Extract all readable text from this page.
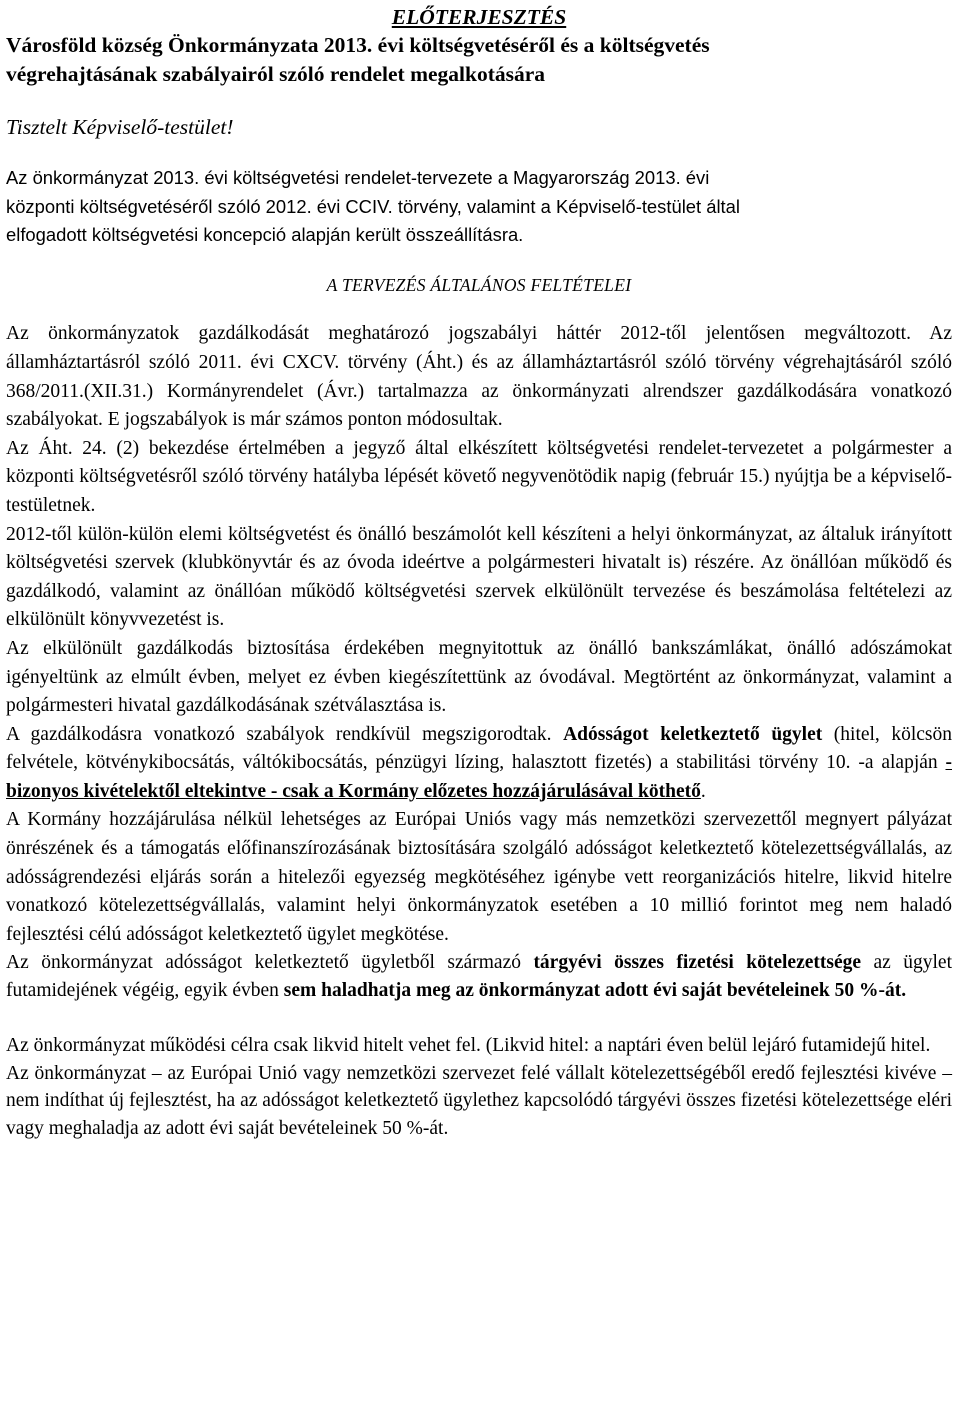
ELŐTERJESZTÉS

Városföld község Önkormányzata 2013. évi költségvetéséről és a költségvetés

végrehajtásának szabályairól szóló rendelet megalkotására

Tisztelt Képviselő-testület!

Az önkormányzat 2013. évi költségvetési rendelet-tervezete a Magyarország 2013. évi
központi költségvetéséről szóló 2012. évi CCIV. törvény, valamint a Képviselő-testület által
elfogadott költségvetési koncepció alapján került összeállításra.

A TERVEZÉS ÁLTALÁNOS FELTÉTELEI

Az önkormányzatok gazdálkodását meghatározó jogszabályi háttér 2012-től jelentősen megváltozott. Az államháztartásról szóló 2011. évi CXCV. törvény (Áht.) és az államháztartásról szóló törvény végrehajtásáról szóló 368/2011.(XII.31.) Kormányrendelet (Ávr.) tartalmazza az önkormányzati alrendszer gazdálkodására vonatkozó szabályokat. E jogszabályok is már számos ponton módosultak.

Az Áht. 24. (2) bekezdése értelmében a jegyző által elkészített költségvetési rendelet-tervezetet a polgármester a központi költségvetésről szóló törvény hatályba lépését követő negyvenötödik napig (február 15.) nyújtja be a képviselő-testületnek.

2012-től külön-külön elemi költségvetést és önálló beszámolót kell készíteni a helyi önkormányzat, az általuk irányított költségvetési szervek (klubkönyvtár és az óvoda ideértve a polgármesteri hivatalt is) részére. Az önállóan működő és gazdálkodó, valamint az önállóan működő költségvetési szervek elkülönült tervezése és beszámolása feltételezi az elkülönült könyvvezetést is.

Az elkülönült gazdálkodás biztosítása érdekében megnyitottuk az önálló bankszámlákat, önálló adószámokat igényeltünk az elmúlt évben, melyet ez évben kiegészítettünk az óvodával. Megtörtént az önkormányzat, valamint a polgármesteri hivatal gazdálkodásának szétválasztása is.

A gazdálkodásra vonatkozó szabályok rendkívül megszigorodtak. Adósságot keletkeztető ügylet (hitel, kölcsön felvétele, kötvénykibocsátás, váltókibocsátás, pénzügyi lízing, halasztott fizetés) a stabilitási törvény 10. -a alapján - bizonyos kivételektől eltekintve - csak a Kormány előzetes hozzájárulásával köthető.

A Kormány hozzájárulása nélkül lehetséges az Európai Uniós vagy más nemzetközi szervezettől megnyert pályázat önrészének és a támogatás előfinanszírozásának biztosítására szolgáló adósságot keletkeztető kötelezettségvállalás, az adósságrendezési eljárás során a hitelezői egyezség megkötéséhez igénybe vett reorganizációs hitelre, likvid hitelre vonatkozó kötelezettségvállalás, valamint helyi önkormányzatok esetében a 10 millió forintot meg nem haladó fejlesztési célú adósságot keletkeztető ügylet megkötése.

Az önkormányzat adósságot keletkeztető ügyletből származó tárgyévi összes fizetési kötelezettsége az ügylet futamidejének végéig, egyik évben sem haladhatja meg az önkormányzat adott évi saját bevételeinek 50 %-át.

Az önkormányzat működési célra csak likvid hitelt vehet fel. (Likvid hitel: a naptári éven belül lejáró futamidejű hitel.

Az önkormányzat – az Európai Unió vagy nemzetközi szervezet felé vállalt kötelezettségéből eredő fejlesztési kivéve – nem indíthat új fejlesztést, ha az adósságot keletkeztető ügylethez kapcsolódó tárgyévi összes fizetési kötelezettsége eléri vagy meghaladja az adott évi saját bevételeinek 50 %-át.
